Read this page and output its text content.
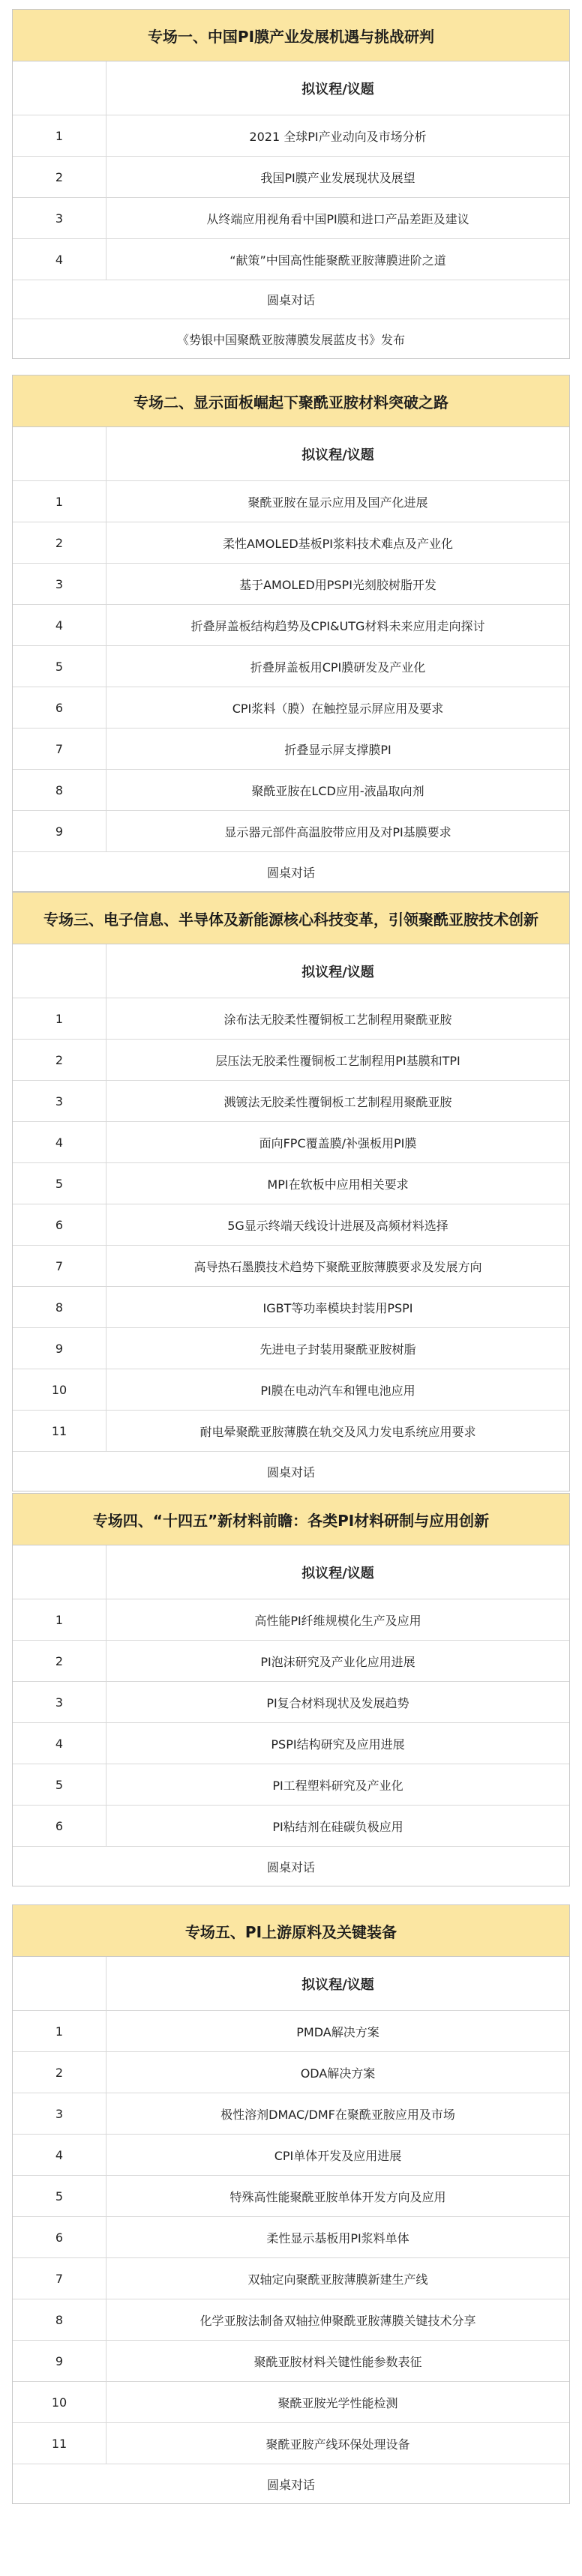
专场一、中国PI膜产业发展机遇与挑战研判
拟议程/议题
1	2021 全球PI产业动向及市场分析
2	我国PI膜产业发展现状及展望
3	从终端应用视角看中国PI膜和进口产品差距及建议
4	“献策”中国高性能聚酰亚胺薄膜进阶之道
圆桌对话
《势银中国聚酰亚胺薄膜发展蓝皮书》发布
专场二、显示面板崛起下聚酰亚胺材料突破之路
拟议程/议题
1	聚酰亚胺在显示应用及国产化进展
2	柔性AMOLED基板PI浆料技术难点及产业化
3	基于AMOLED用PSPI光刻胶树脂开发
4	折叠屏盖板结构趋势及CPI&UTG材料未来应用走向探讨
5	折叠屏盖板用CPI膜研发及产业化
6	CPI浆料（膜）在触控显示屏应用及要求
7	折叠显示屏支撑膜PI
8	聚酰亚胺在LCD应用-液晶取向剂
9	显示器元部件高温胶带应用及对PI基膜要求
圆桌对话
专场三、电子信息、半导体及新能源核心科技变革，引领聚酰亚胺技术创新
拟议程/议题
1	涂布法无胶柔性覆铜板工艺制程用聚酰亚胺
2	层压法无胶柔性覆铜板工艺制程用PI基膜和TPI
3	溅镀法无胶柔性覆铜板工艺制程用聚酰亚胺
4	面向FPC覆盖膜/补强板用PI膜
5	MPI在软板中应用相关要求
6	5G显示终端天线设计进展及高频材料选择
7	高导热石墨膜技术趋势下聚酰亚胺薄膜要求及发展方向
8	IGBT等功率模块封装用PSPI
9	先进电子封装用聚酰亚胺树脂
10	PI膜在电动汽车和锂电池应用
11	耐电晕聚酰亚胺薄膜在轨交及风力发电系统应用要求
圆桌对话
专场四、“十四五”新材料前瞻：各类PI材料研制与应用创新
拟议程/议题
1	高性能PI纤维规模化生产及应用
2	PI泡沫研究及产业化应用进展
3	PI复合材料现状及发展趋势
4	PSPI结构研究及应用进展
5	PI工程塑料研究及产业化
6	PI粘结剂在硅碳负极应用
圆桌对话
专场五、PI上游原料及关键装备
拟议程/议题
1	PMDA解决方案
2	ODA解决方案
3	极性溶剂DMAC/DMF在聚酰亚胺应用及市场
4	CPI单体开发及应用进展
5	特殊高性能聚酰亚胺单体开发方向及应用
6	柔性显示基板用PI浆料单体
7	双轴定向聚酰亚胺薄膜新建生产线
8	化学亚胺法制备双轴拉伸聚酰亚胺薄膜关键技术分享
9	聚酰亚胺材料关键性能参数表征
10	聚酰亚胺光学性能检测
11	聚酰亚胺产线环保处理设备
圆桌对话
